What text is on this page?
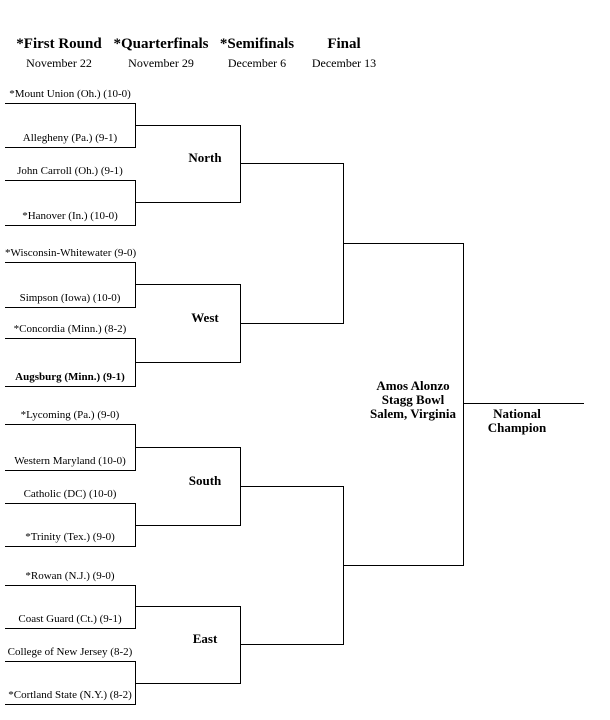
*First Round
November 22
*Quarterfinals
November 29
*Semifinals
December 6
Final
December 13
*Mount Union (Oh.) (10-0)
Allegheny (Pa.) (9-1)
John Carroll (Oh.) (9-1)
*Hanover (In.) (10-0)
*Wisconsin-Whitewater (9-0)
Simpson (Iowa) (10-0)
*Concordia (Minn.) (8-2)
Augsburg (Minn.) (9-1)
*Lycoming (Pa.) (9-0)
Western Maryland (10-0)
Catholic (DC) (10-0)
*Trinity (Tex.) (9-0)
*Rowan (N.J.) (9-0)
Coast Guard (Ct.) (9-1)
College of New Jersey (8-2)
*Cortland State (N.Y.) (8-2)
North
West
South
East
Amos Alonzo
Stagg Bowl
Salem, Virginia	National
Champion
